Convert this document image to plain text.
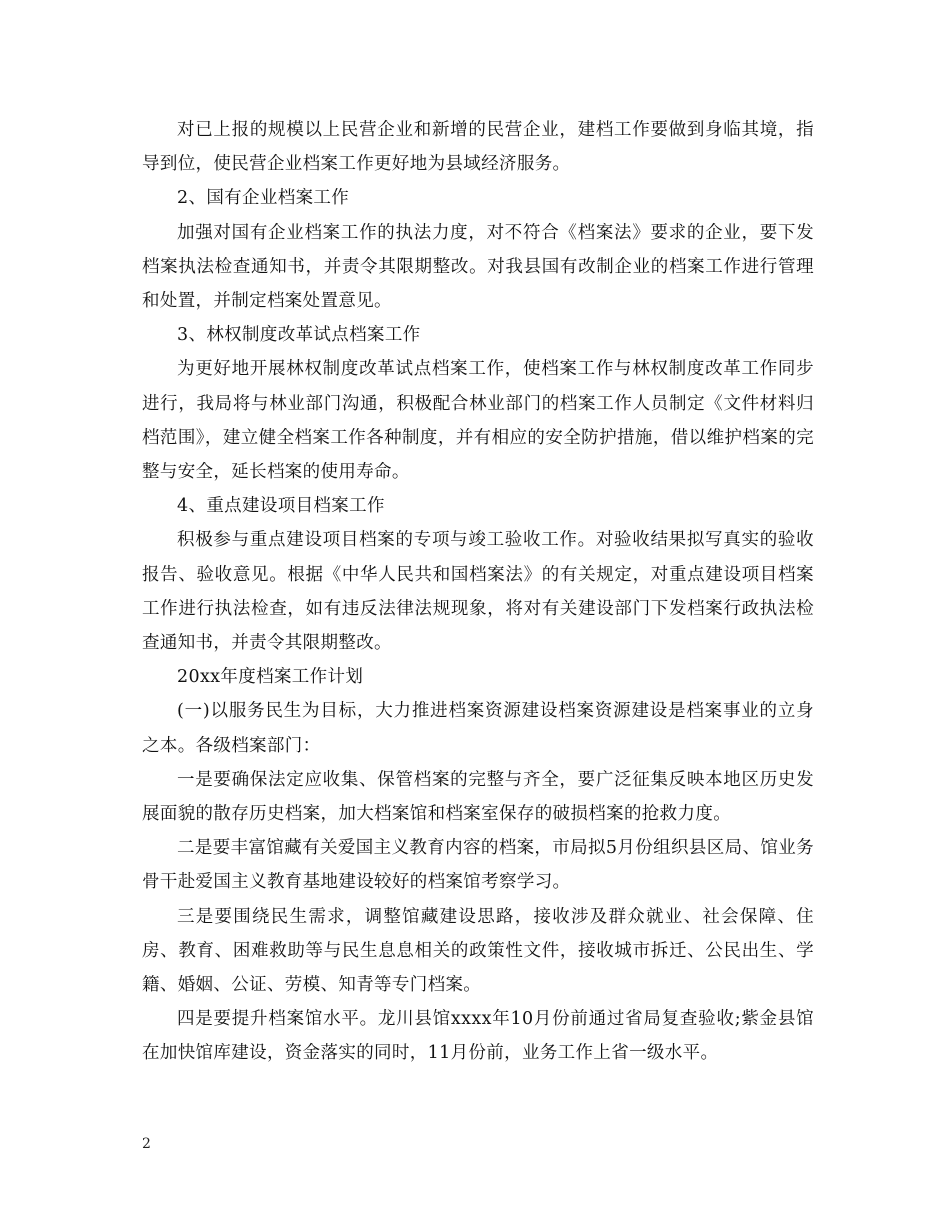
对已上报的规模以上民营企业和新增的民营企业，建档工作要做到身临其境，指导到位，使民营企业档案工作更好地为县域经济服务。

2、国有企业档案工作

加强对国有企业档案工作的执法力度，对不符合《档案法》要求的企业，要下发档案执法检查通知书，并责令其限期整改。对我县国有改制企业的档案工作进行管理和处置，并制定档案处置意见。

3、林权制度改革试点档案工作

为更好地开展林权制度改革试点档案工作，使档案工作与林权制度改革工作同步进行，我局将与林业部门沟通，积极配合林业部门的档案工作人员制定《文件材料归档范围》，建立健全档案工作各种制度，并有相应的安全防护措施，借以维护档案的完整与安全，延长档案的使用寿命。

4、重点建设项目档案工作

积极参与重点建设项目档案的专项与竣工验收工作。对验收结果拟写真实的验收报告、验收意见。根据《中华人民共和国档案法》的有关规定，对重点建设项目档案工作进行执法检查，如有违反法律法规现象，将对有关建设部门下发档案行政执法检查通知书，并责令其限期整改。

20xx年度档案工作计划

(一)以服务民生为目标，大力推进档案资源建设档案资源建设是档案事业的立身之本。各级档案部门：

一是要确保法定应收集、保管档案的完整与齐全，要广泛征集反映本地区历史发展面貌的散存历史档案，加大档案馆和档案室保存的破损档案的抢救力度。

二是要丰富馆藏有关爱国主义教育内容的档案，市局拟5月份组织县区局、馆业务骨干赴爱国主义教育基地建设较好的档案馆考察学习。

三是要围绕民生需求，调整馆藏建设思路，接收涉及群众就业、社会保障、住房、教育、困难救助等与民生息息相关的政策性文件，接收城市拆迁、公民出生、学籍、婚姻、公证、劳模、知青等专门档案。

四是要提升档案馆水平。龙川县馆xxxx年10月份前通过省局复查验收;紫金县馆在加快馆库建设，资金落实的同时，11月份前，业务工作上省一级水平。

2
